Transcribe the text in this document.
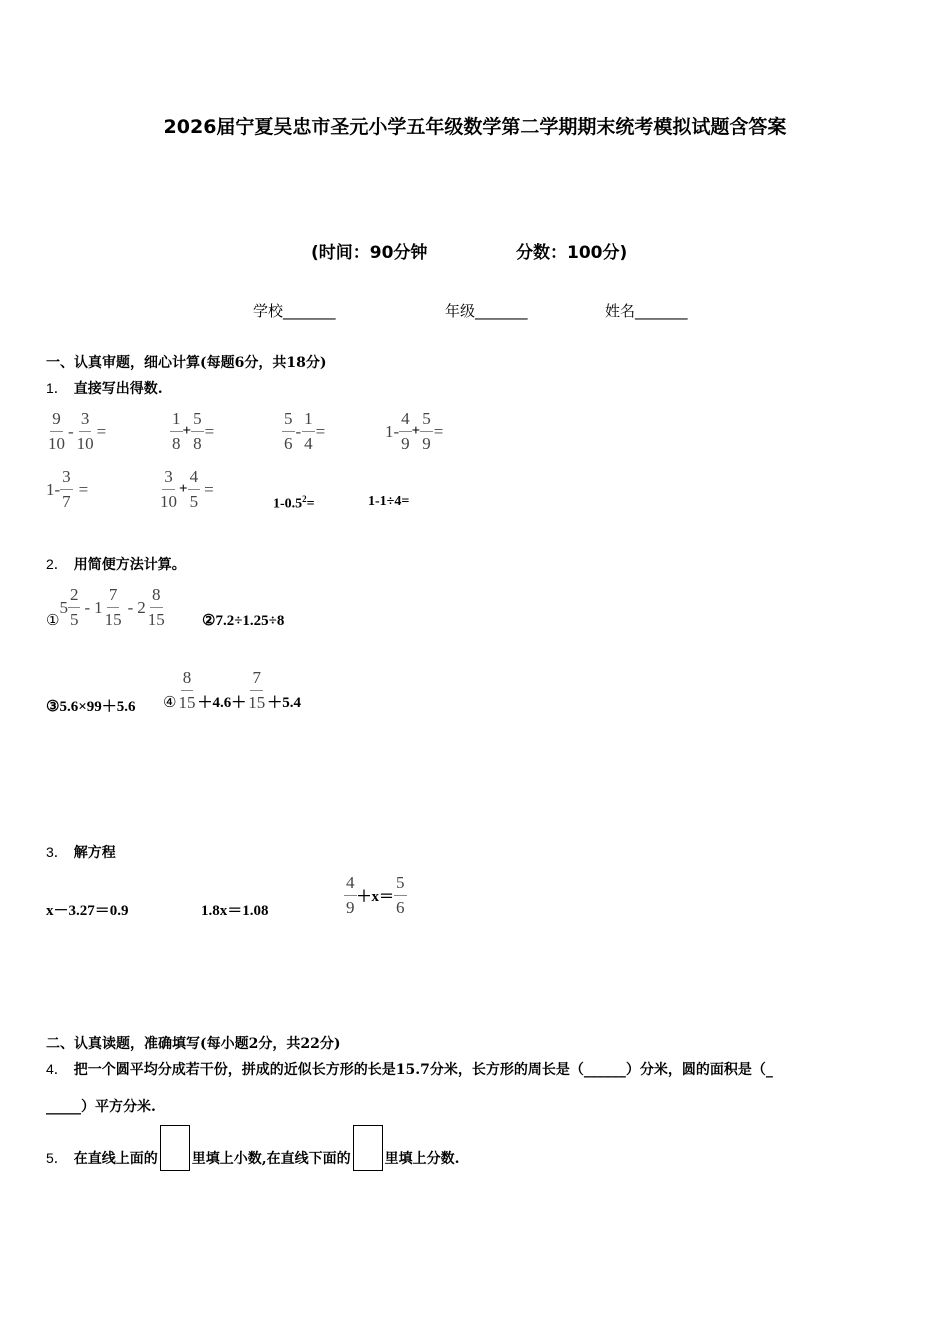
2026届宁夏吴忠市圣元小学五年级数学第二学期期末统考模拟试题含答案
(时间：90分钟	分数：100分)
学校_______	年级_______	姓名_______
一、认真审题，细心计算(每题6分，共18分)
1． 直接写出得数.
$\frac{9}{10} - \frac{3}{10}$ =	$\frac{1}{8} + \frac{5}{8}$ =	$\frac{5}{6} - \frac{1}{4}$ =	$1- \frac{4}{9} + \frac{5}{9}$ =
$1- \frac{3}{7}$ =	$\frac{3}{10} + \frac{4}{5}$ =
$1-0.5^2=$	1-1÷4=
2． 用简便方法计算。
①
$5 \frac{2}{5} - 1 \frac{7}{15} - 2 \frac{8}{15}$ ②7.2÷1.25÷8
③5.6×99＋5.6 ④ $\frac{8}{15} +4.6+ \frac{7}{15} +5.4$
3． 解方程
x－3.27＝0.9	1.8x＝1.08	$\frac{4}{9} +x= \frac{5}{6}$
二、认真读题，准确填写(每小题2分，共22分)
4． 把一个圆平均分成若干份，拼成的近似长方形的长是15.7分米，长方形的周长是（______）分米，圆的面积是（_
_____）平方分米.
5． 在直线上面的 里填上小数,在直线下面的 里填上分数.
